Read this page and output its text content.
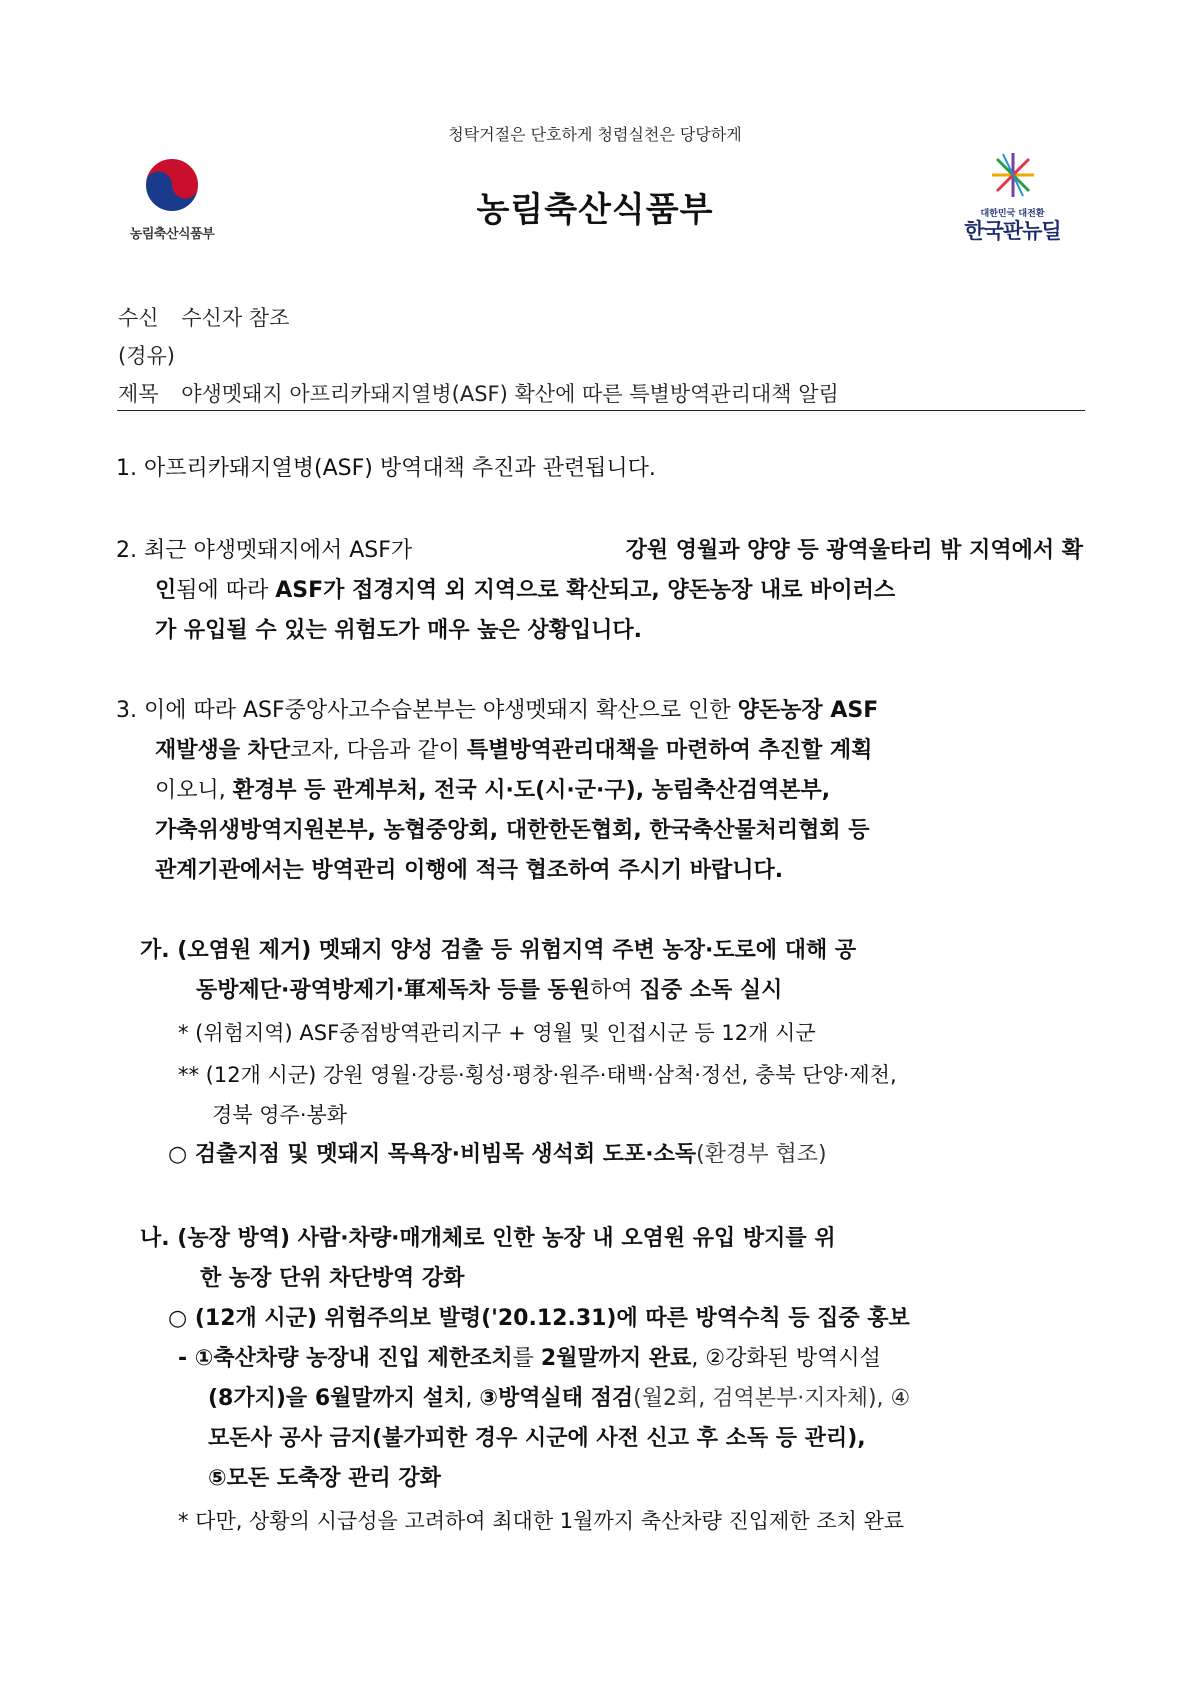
청탁거절은 단호하게 청렴실천은 당당하게
농림축산식품부
농림축산식품부	대한민국 대전환
한국판뉴딜
수신 수신자 참조
(경유)
제목 야생멧돼지 아프리카돼지열병(ASF) 확산에 따른 특별방역관리대책 알림
1. 아프리카돼지열병(ASF) 방역대책 추진과 관련됩니다.
2. 최근 야생멧돼지에서 ASF가	강원 영월과 양양 등 광역울타리 밖 지역에서 확
인됨에 따라 ASF가 접경지역 외 지역으로 확산되고, 양돈농장 내로 바이러스
가 유입될 수 있는 위험도가 매우 높은 상황입니다.
3. 이에 따라 ASF중앙사고수습본부는 야생멧돼지 확산으로 인한 양돈농장 ASF
재발생을 차단코자, 다음과 같이 특별방역관리대책을 마련하여 추진할 계획
이오니, 환경부 등 관계부처, 전국 시·도(시·군·구), 농림축산검역본부,
가축위생방역지원본부, 농협중앙회, 대한한돈협회, 한국축산물처리협회 등
관계기관에서는 방역관리 이행에 적극 협조하여 주시기 바랍니다.
가. (오염원 제거) 멧돼지 양성 검출 등 위험지역 주변 농장·도로에 대해 공
동방제단·광역방제기·軍제독차 등를 동원하여 집중 소독 실시
* (위험지역) ASF중점방역관리지구 + 영월 및 인접시군 등 12개 시군
** (12개 시군) 강원 영월·강릉·횡성·평창·원주·태백·삼척·정선, 충북 단양·제천,
경북 영주·봉화
○ 검출지점 및 멧돼지 목욕장·비빔목 생석회 도포·소독(환경부 협조)
나. (농장 방역) 사람·차량·매개체로 인한 농장 내 오염원 유입 방지를 위
한 농장 단위 차단방역 강화
○ (12개 시군) 위험주의보 발령('20.12.31)에 따른 방역수칙 등 집중 홍보
- ①축산차량 농장내 진입 제한조치를 2월말까지 완료, ②강화된 방역시설
(8가지)을 6월말까지 설치, ③방역실태 점검(월2회, 검역본부·지자체), ④
모돈사 공사 금지(불가피한 경우 시군에 사전 신고 후 소독 등 관리),
⑤모돈 도축장 관리 강화
* 다만, 상황의 시급성을 고려하여 최대한 1월까지 축산차량 진입제한 조치 완료
